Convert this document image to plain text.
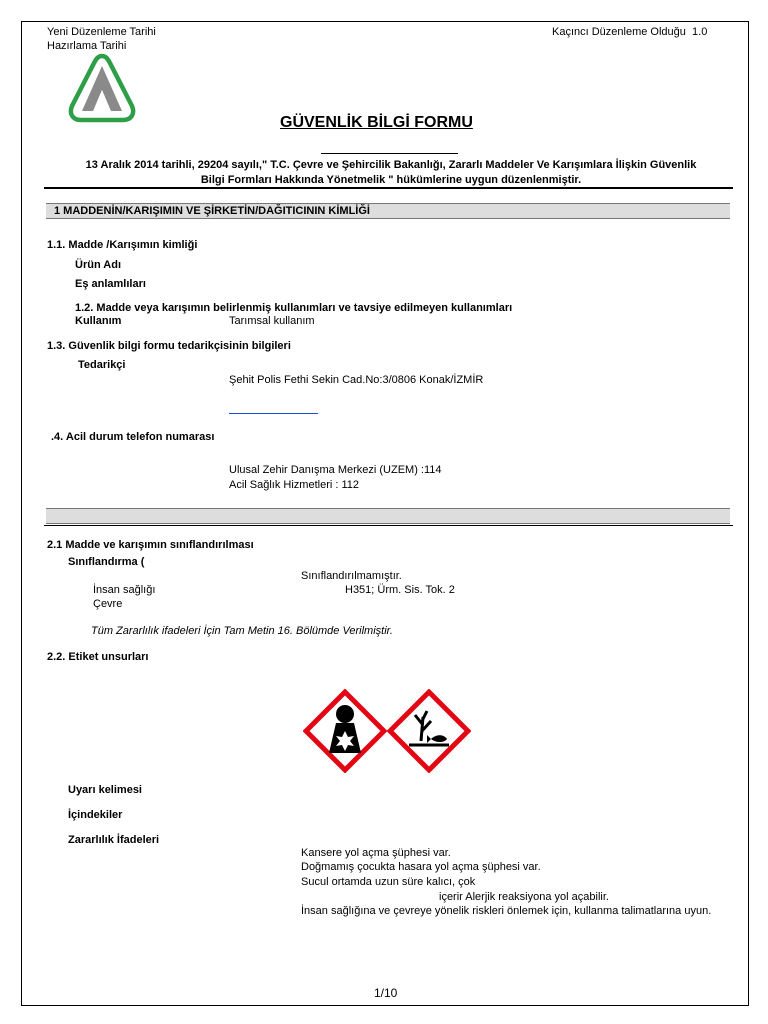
Yeni Düzenleme Tarihi
Hazırlama Tarihi
Kaçıncı Düzenleme Olduğu 1.0
GÜVENLİK BİLGİ FORMU
13 Aralık 2014 tarihli, 29204 sayılı," T.C. Çevre ve Şehircilik Bakanlığı, Zararlı Maddeler Ve Karışımlara İlişkin Güvenlik
Bilgi Formları Hakkında Yönetmelik " hükümlerine uygun düzenlenmiştir.
1 MADDENİN/KARIŞIMIN VE ŞİRKETİN/DAĞITICININ KİMLİĞİ
1.1. Madde /Karışımın kimliği
Ürün Adı
Eş anlamlıları
1.2. Madde veya karışımın belirlenmiş kullanımları ve tavsiye edilmeyen kullanımları
Kullanım	Tarımsal kullanım
1.3. Güvenlik bilgi formu tedarikçisinin bilgileri
Tedarikçi
Şehit Polis Fethi Sekin Cad.No:3/0806 Konak/İZMİR
.4. Acil durum telefon numarası
Ulusal Zehir Danışma Merkezi (UZEM) :114
Acil Sağlık Hizmetleri : 112
2.1 Madde ve karışımın sınıflandırılması
Sınıflandırma (
Sınıflandırılmamıştır.
İnsan sağlığı	H351; Ürm. Sis. Tok. 2
Çevre
Tüm Zararlılık ifadeleri İçin Tam Metin 16. Bölümde Verilmiştir.
2.2. Etiket unsurları
Uyarı kelimesi
İçindekiler
Zararlılık İfadeleri
Kansere yol açma şüphesi var.
Doğmamış çocukta hasara yol açma şüphesi var.
Sucul ortamda uzun süre kalıcı, çok
içerir Alerjik reaksiyona yol açabilir.
İnsan sağlığına ve çevreye yönelik riskleri önlemek için, kullanma talimatlarına uyun.
1/10
